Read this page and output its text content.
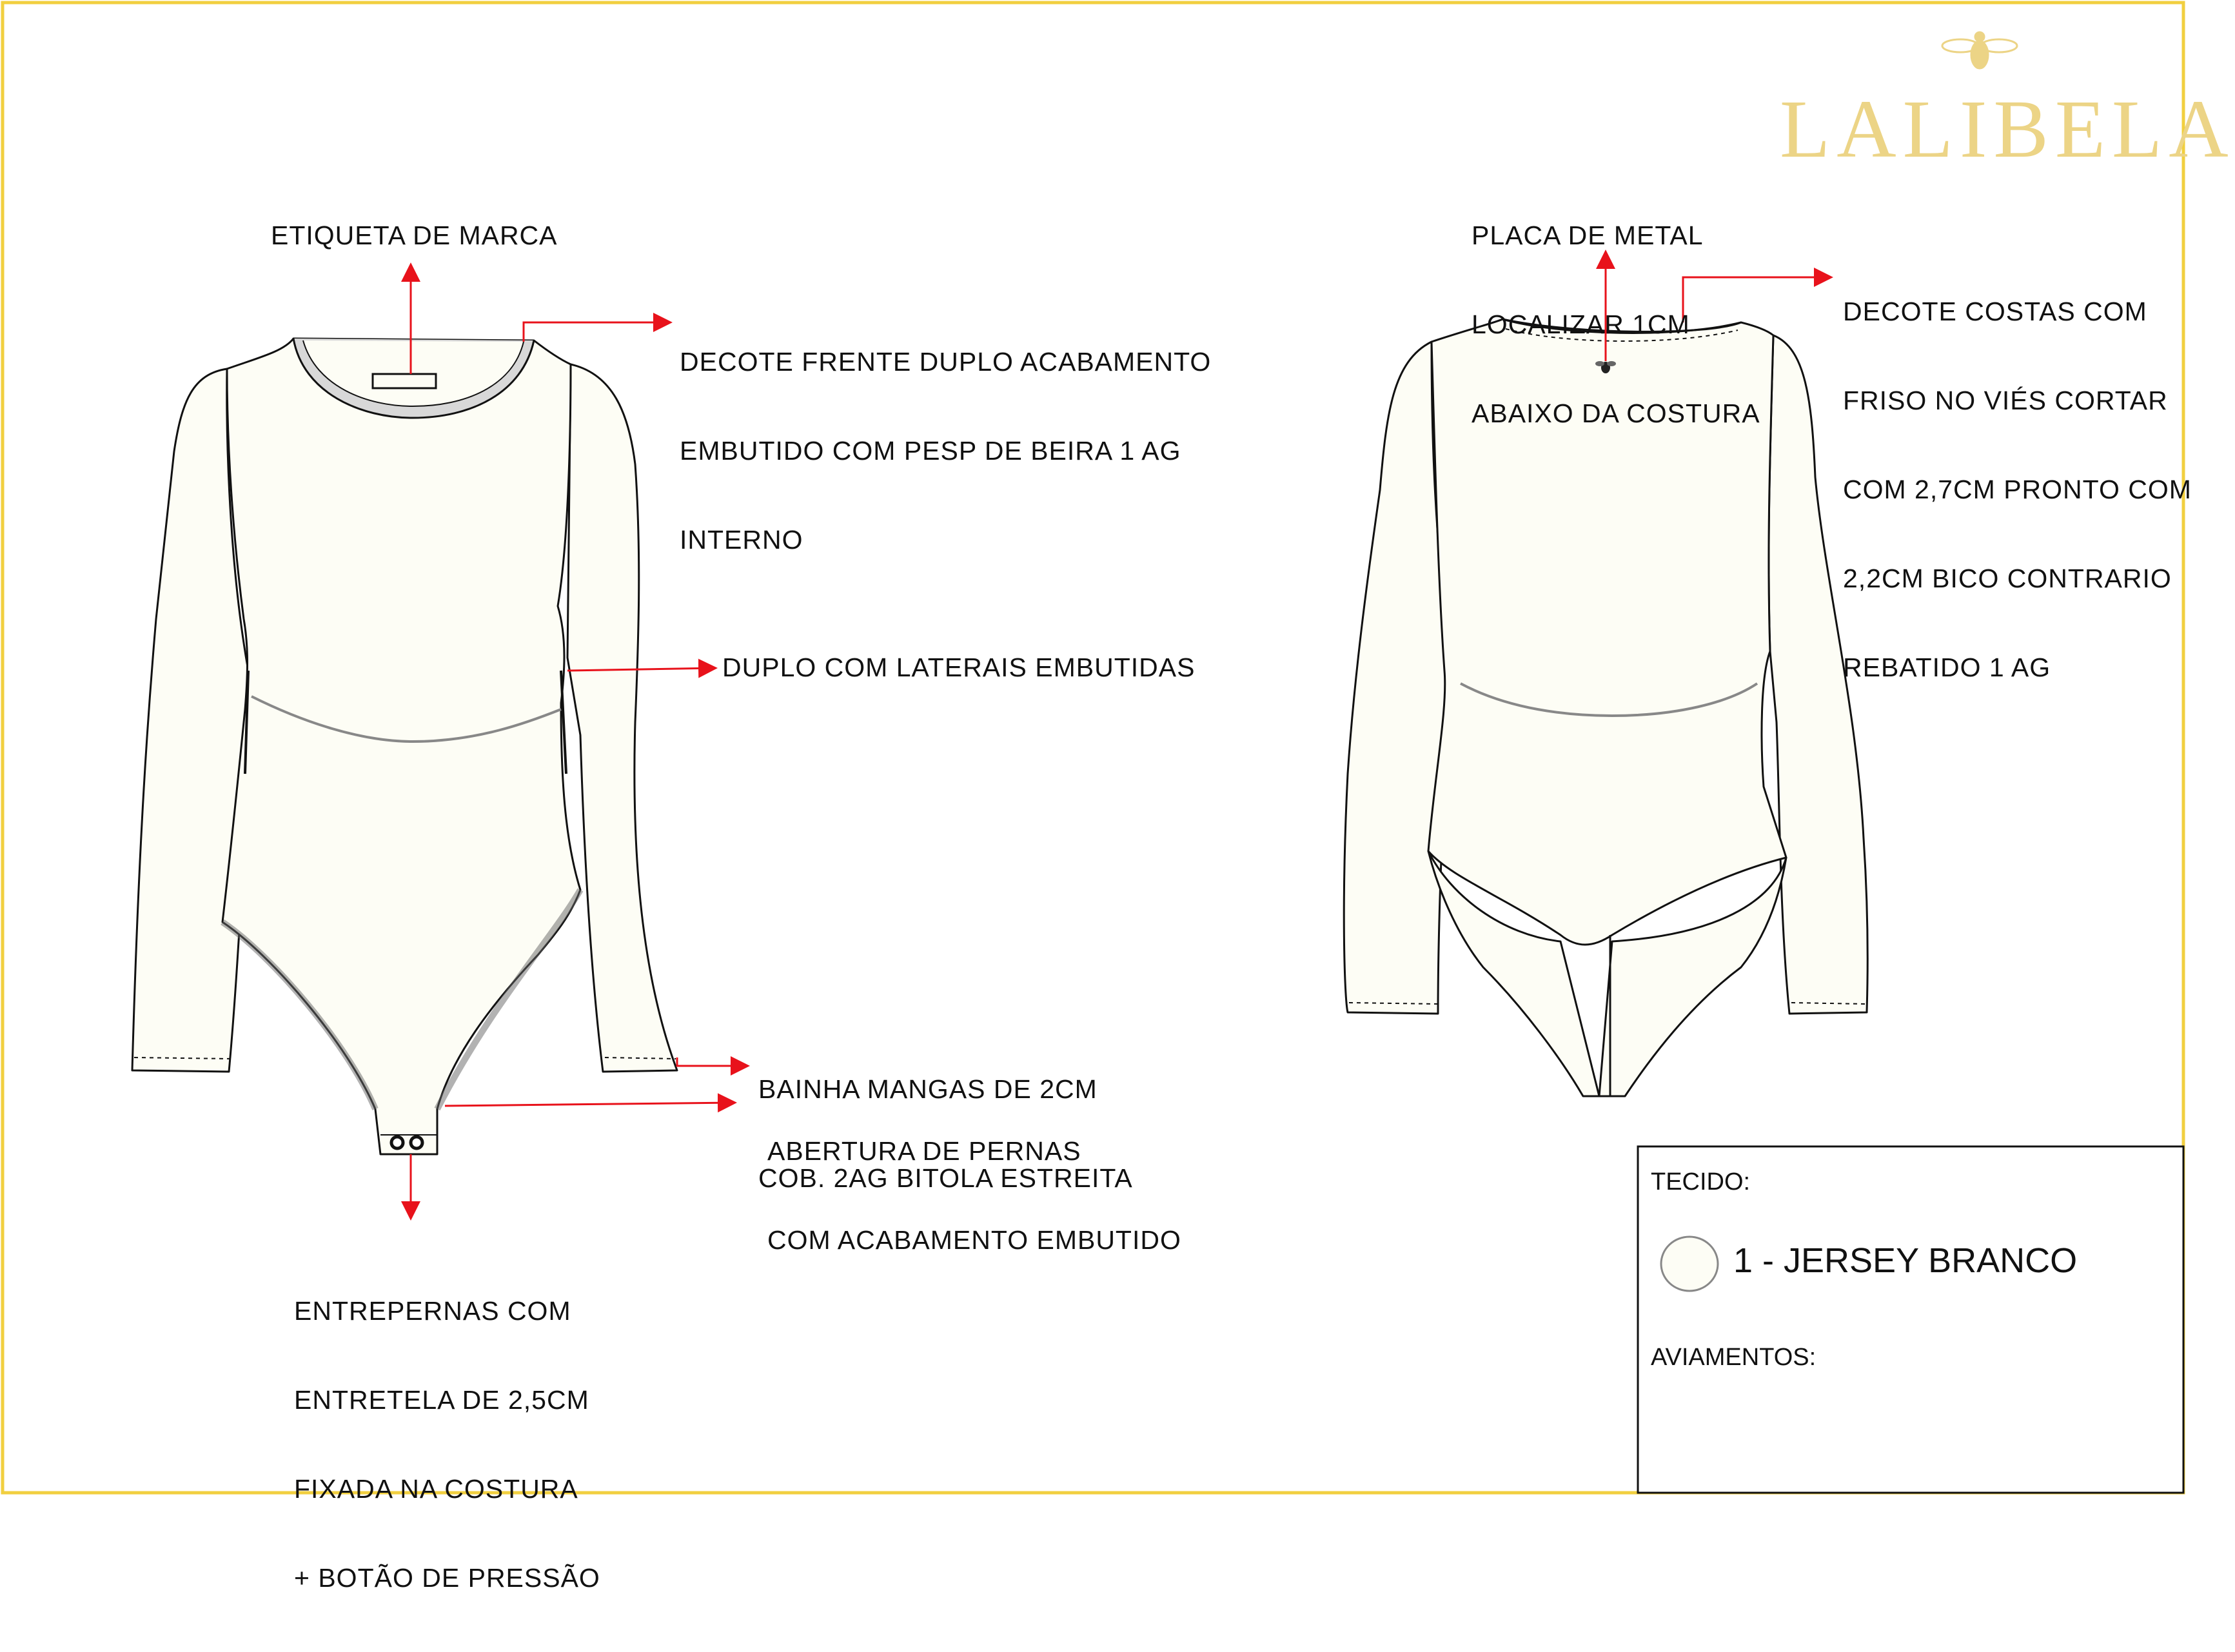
LALIBELA
ETIQUETA DE MARCA

DECOTE FRENTE DUPLO ACABAMENTO

EMBUTIDO COM PESP DE BEIRA 1 AG

INTERNO

DUPLO COM LATERAIS EMBUTIDAS

BAINHA MANGAS DE 2CM

COB. 2AG BITOLA ESTREITA

ABERTURA DE PERNAS

COM ACABAMENTO EMBUTIDO

ENTREPERNAS COM

ENTRETELA DE 2,5CM

FIXADA NA COSTURA

+ BOTÃO DE PRESSÃO

PLACA DE METAL

LOCALIZAR 1CM

ABAIXO DA COSTURA

DECOTE COSTAS COM

FRISO NO VIÉS CORTAR

COM 2,7CM PRONTO COM

2,2CM BICO CONTRARIO

REBATIDO 1 AG

TECIDO:
1 - JERSEY BRANCO
AVIAMENTOS:
